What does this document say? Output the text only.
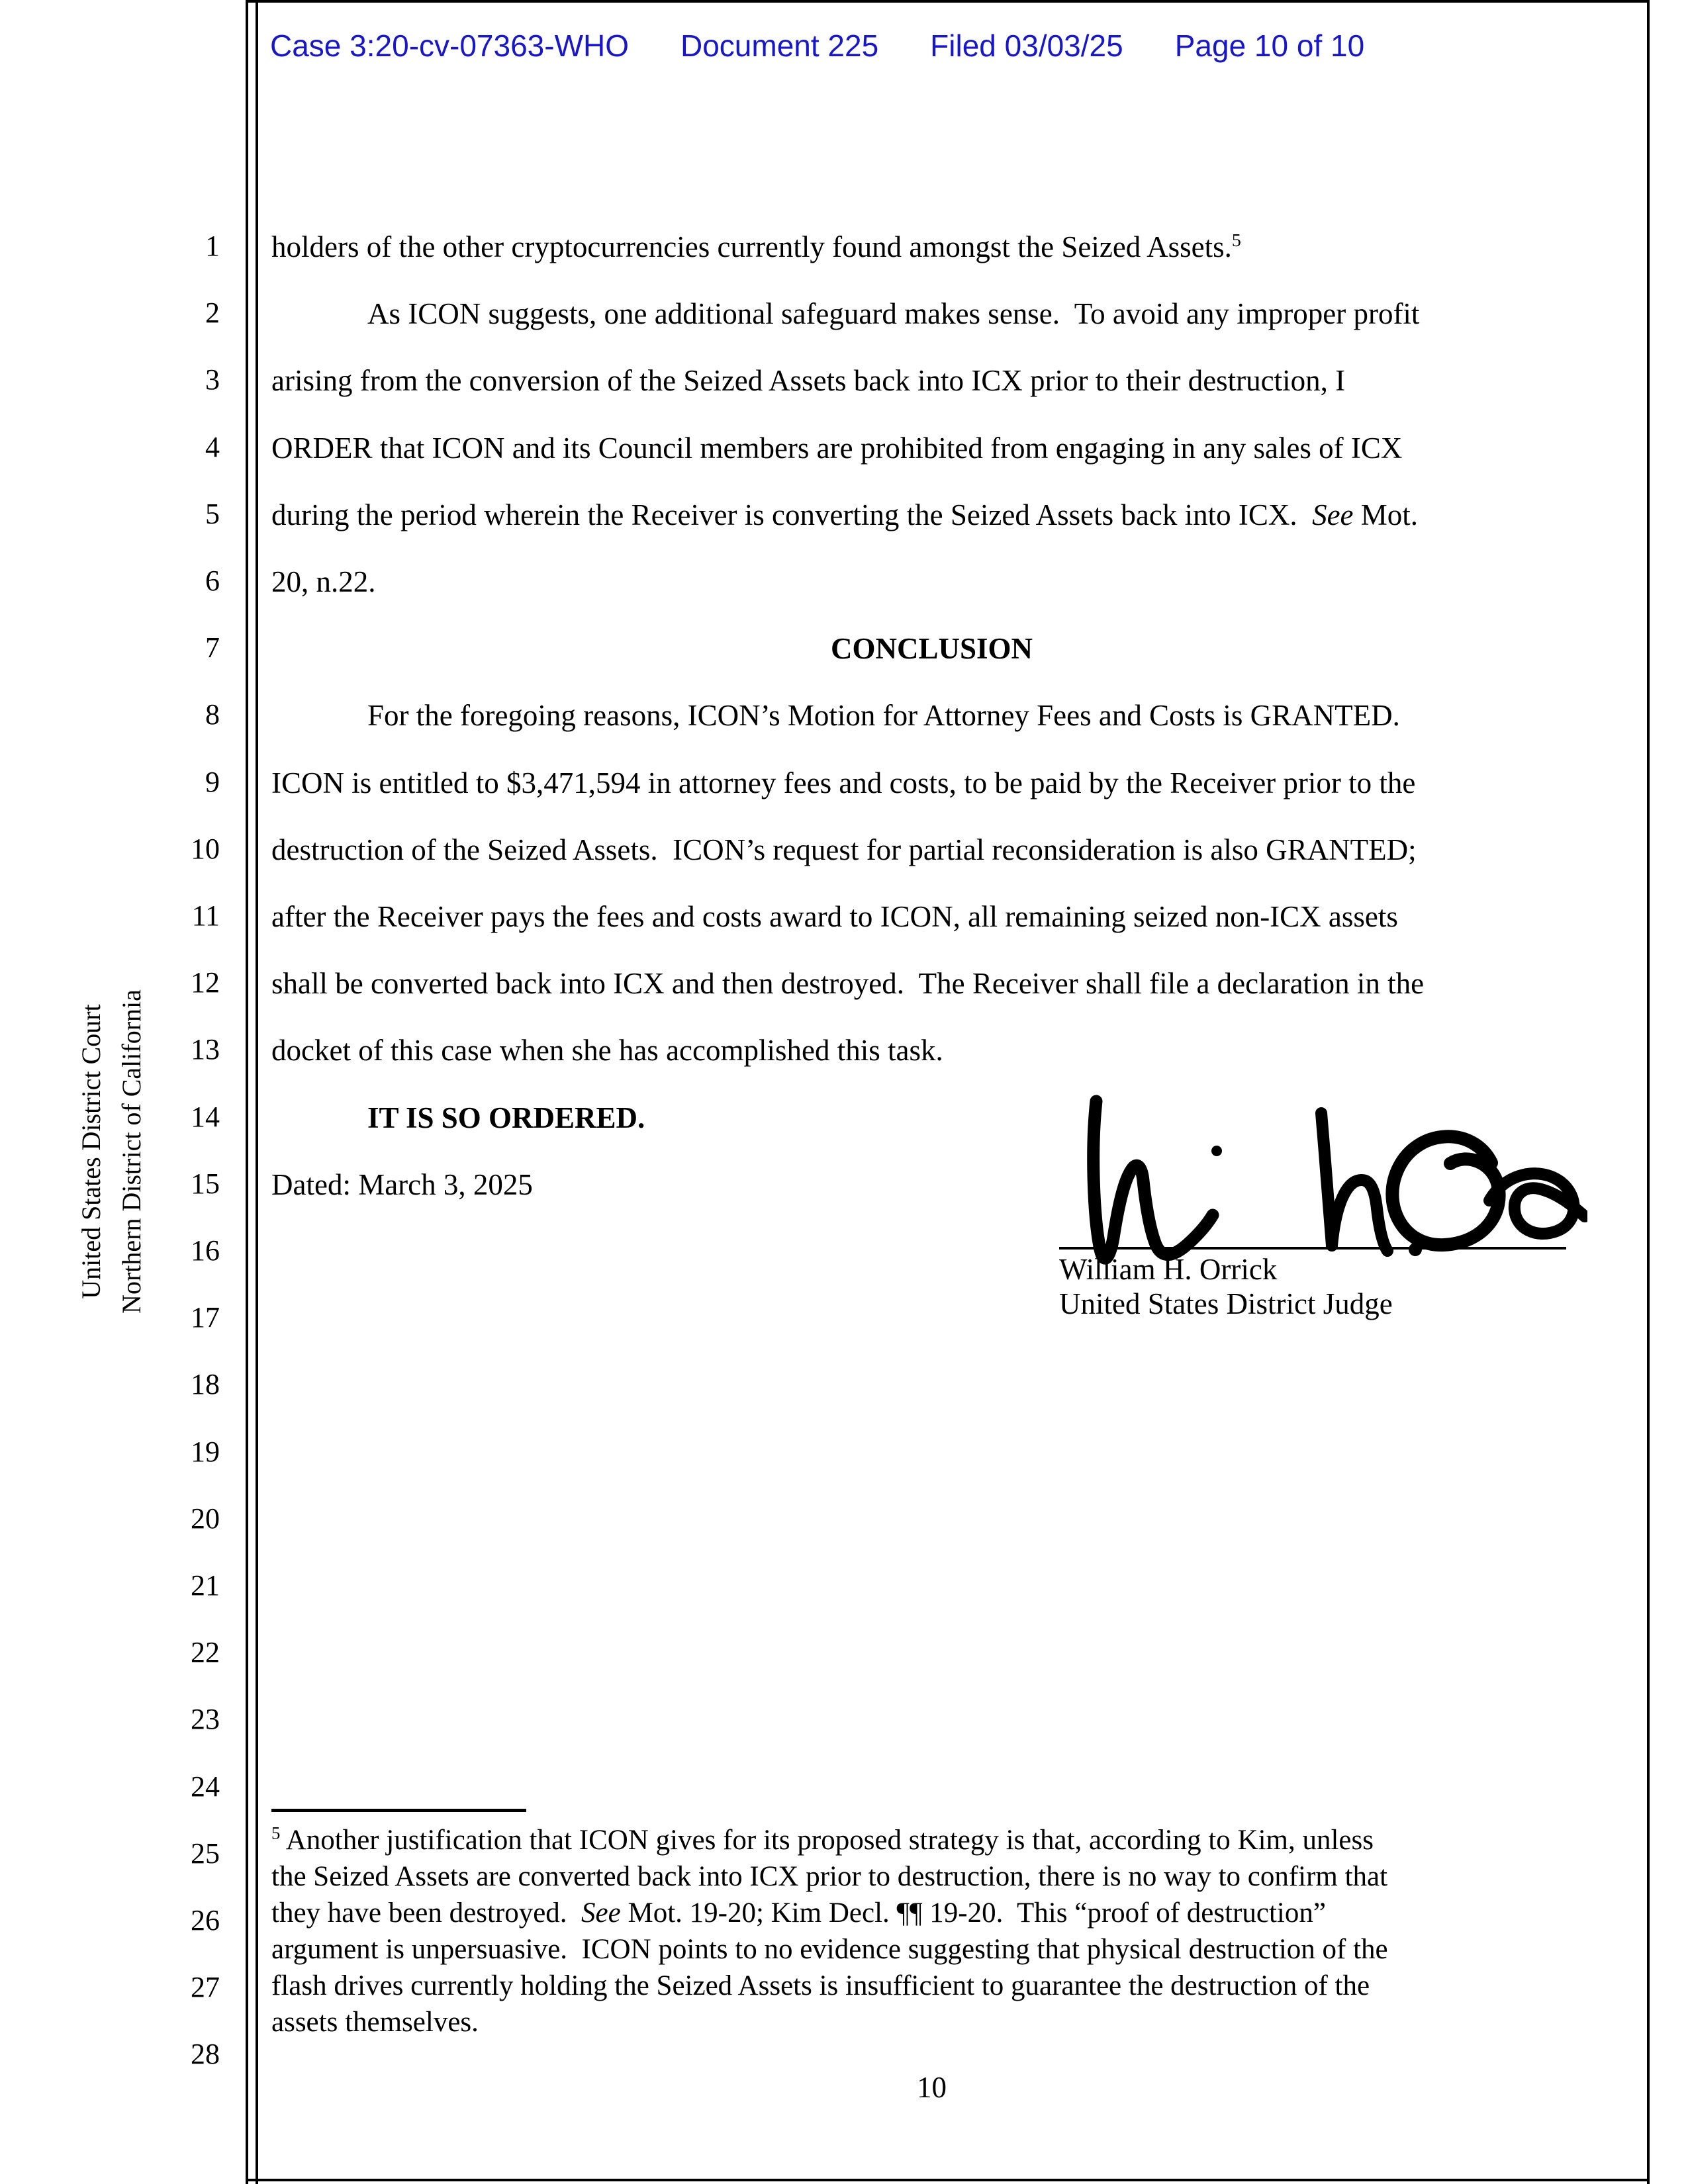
Case 3:20-cv-07363-WHO Document 225 Filed 03/03/25 Page 10 of 10
United States District Court Northern District of California
1
2
3
4
5
6
7
8
9
10
11
12
13
14
15
16
17
18
19
20
21
22
23
24
25
26
27
28
holders of the other cryptocurrencies currently found amongst the Seized Assets.$^5$
As ICON suggests, one additional safeguard makes sense.  To avoid any improper profit
arising from the conversion of the Seized Assets back into ICX prior to their destruction, I
ORDER that ICON and its Council members are prohibited from engaging in any sales of ICX
during the period wherein the Receiver is converting the Seized Assets back into ICX.  See Mot.
20, n.22.
CONCLUSION
For the foregoing reasons, ICON’s Motion for Attorney Fees and Costs is GRANTED.
ICON is entitled to $3,471,594 in attorney fees and costs, to be paid by the Receiver prior to the
destruction of the Seized Assets.  ICON’s request for partial reconsideration is also GRANTED;
after the Receiver pays the fees and costs award to ICON, all remaining seized non-ICX assets
shall be converted back into ICX and then destroyed.  The Receiver shall file a declaration in the
docket of this case when she has accomplished this task.
IT IS SO ORDERED.
Dated: March 3, 2025
William H. Orrick
United States District Judge
$^5$ Another justification that ICON gives for its proposed strategy is that, according to Kim, unless
the Seized Assets are converted back into ICX prior to destruction, there is no way to confirm that
they have been destroyed.  See Mot. 19-20; Kim Decl. ¶¶ 19-20.  This “proof of destruction”
argument is unpersuasive.  ICON points to no evidence suggesting that physical destruction of the
flash drives currently holding the Seized Assets is insufficient to guarantee the destruction of the
assets themselves.
10
